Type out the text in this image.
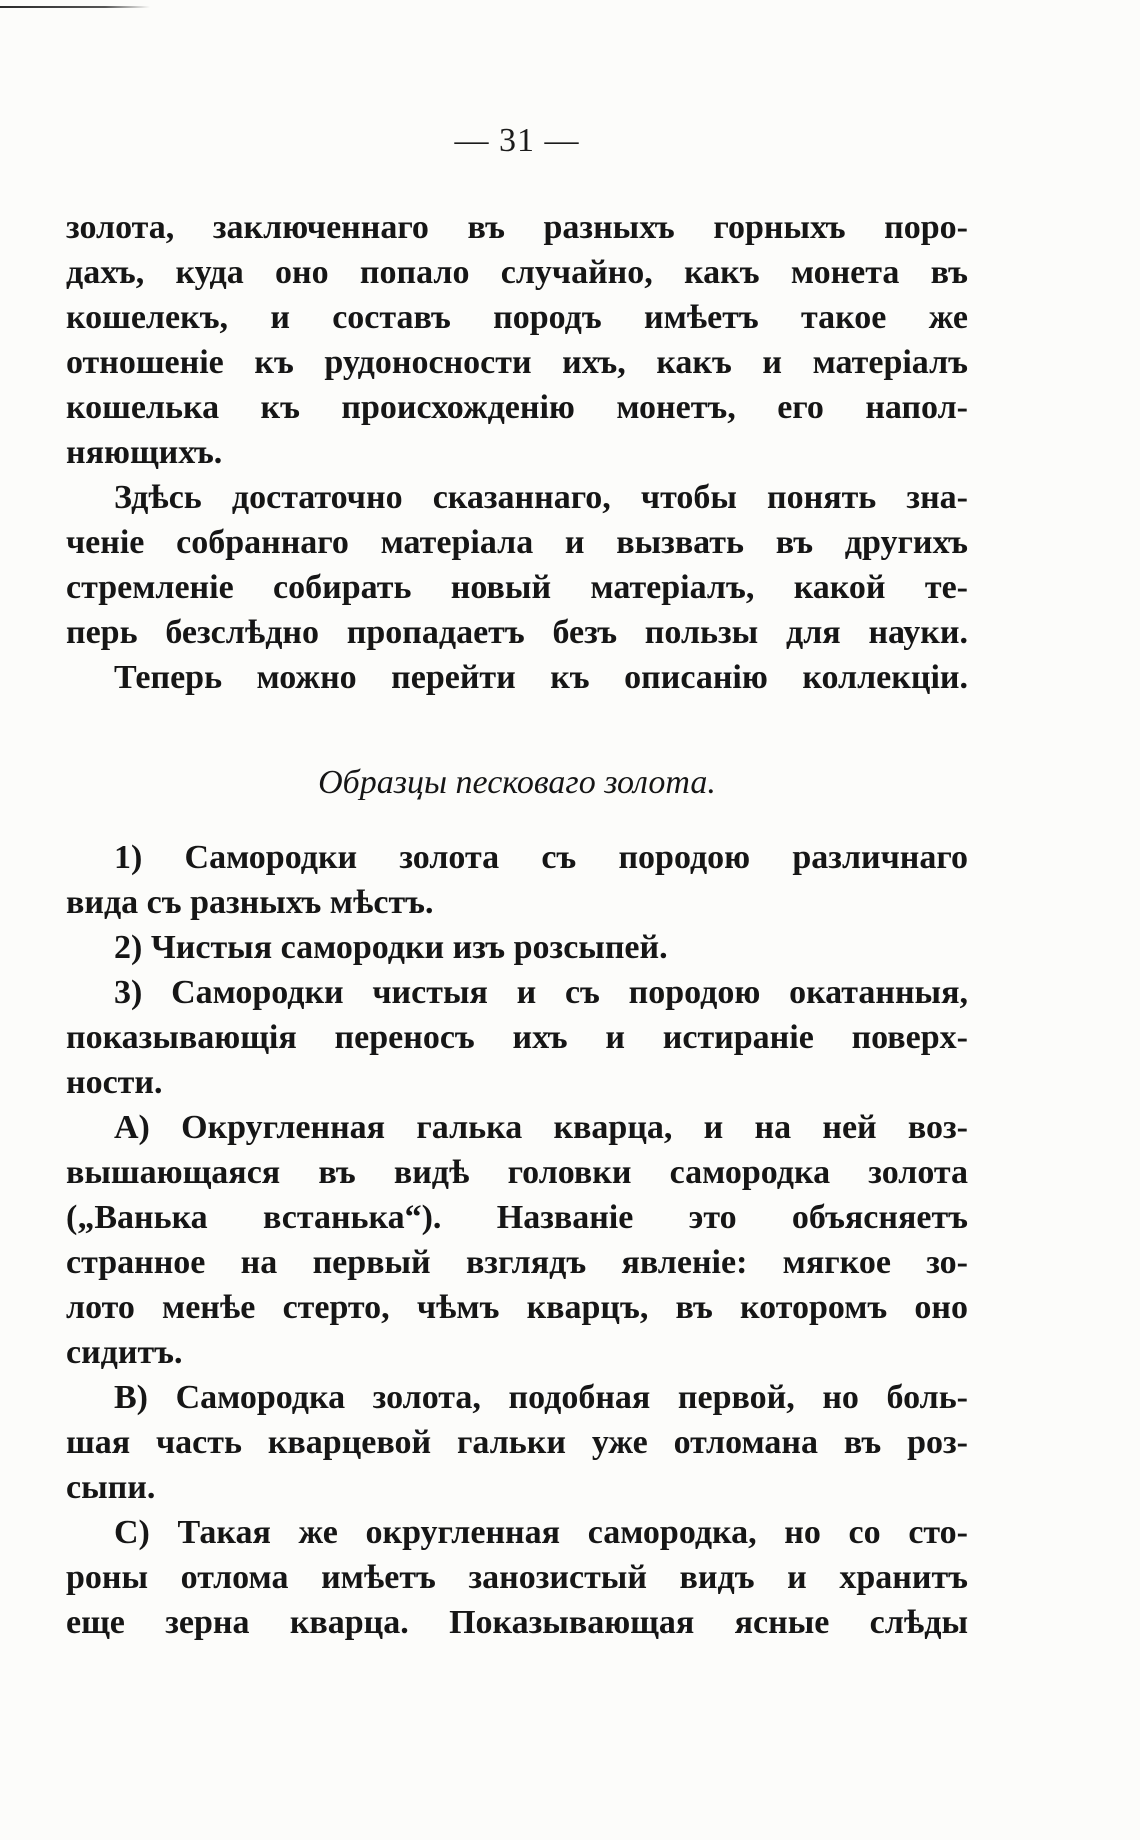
— 31 —
золота, заключеннаго въ разныхъ горныхъ поро-
дахъ, куда оно попало случайно, какъ монета въ
кошелекъ, и составъ породъ имѣетъ такое же
отношеніе къ рудоносности ихъ, какъ и матеріалъ
кошелька къ происхожденію монетъ, его напол-
няющихъ.
Здѣсь достаточно сказаннаго, чтобы понять зна-
ченіе собраннаго матеріала и вызвать въ другихъ
стремленіе собирать новый матеріалъ, какой те-
перь безслѣдно пропадаетъ безъ пользы для науки.
Теперь можно перейти къ описанію коллекціи.
Образцы песковаго золота.
1) Самородки золота съ породою различнаго
вида съ разныхъ мѣстъ.
2) Чистыя самородки изъ розсыпей.
3) Самородки чистыя и съ породою окатанныя,
показывающія переносъ ихъ и истираніе поверх-
ности.
A) Округленная галька кварца, и на ней воз-
вышающаяся въ видѣ головки самородка золота
(„Ванька встанька“). Названіе это объясняетъ
странное на первый взглядъ явленіе: мягкое зо-
лото менѣе стерто, чѣмъ кварцъ, въ которомъ оно
сидитъ.
B) Самородка золота, подобная первой, но боль-
шая часть кварцевой гальки уже отломана въ роз-
сыпи.
C) Такая же округленная самородка, но со сто-
роны отлома имѣетъ занозистый видъ и хранитъ
еще зерна кварца. Показывающая ясные слѣды
